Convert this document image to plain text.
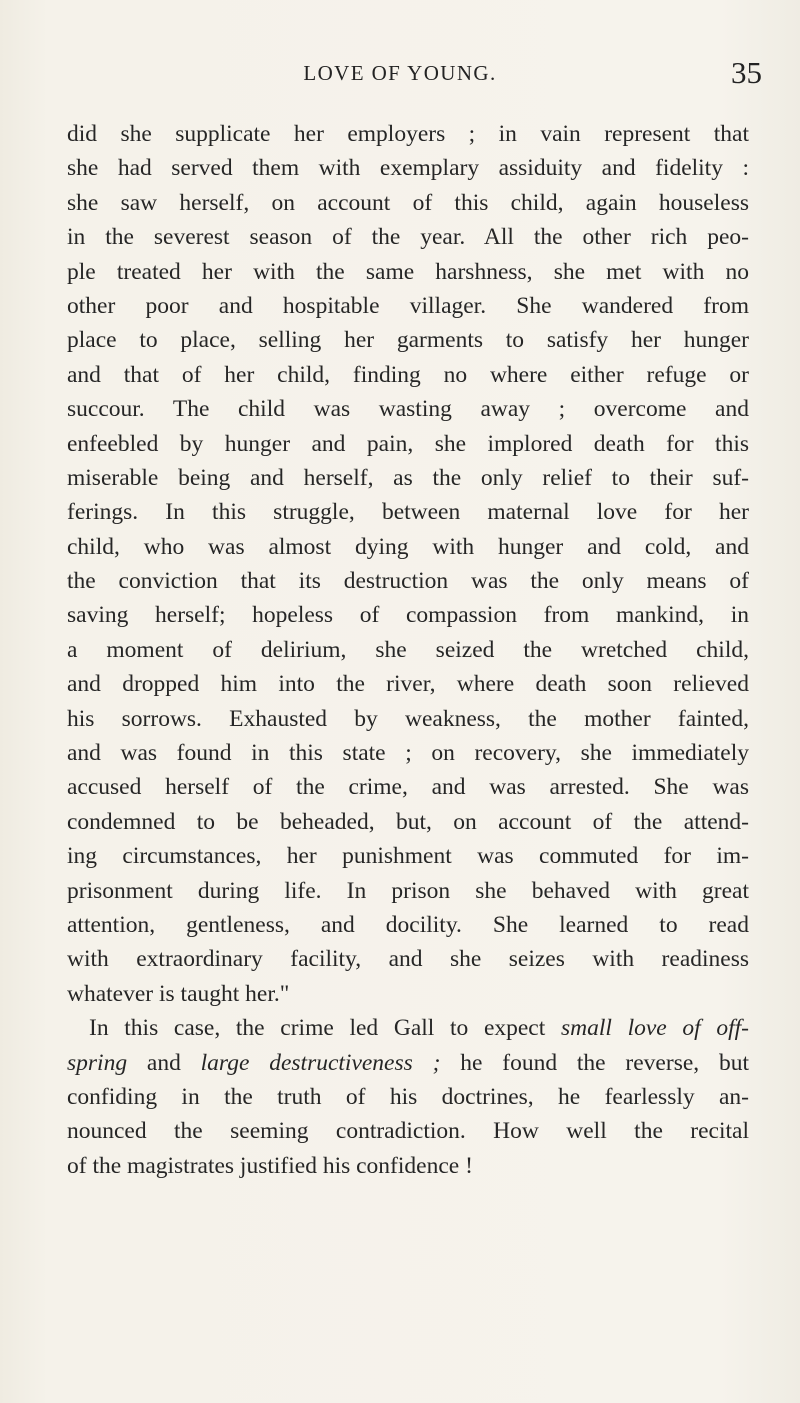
LOVE OF YOUNG.	35
did she supplicate her employers ; in vain represent that
she had served them with exemplary assiduity and fidelity :
she saw herself, on account of this child, again houseless
in the severest season of the year. All the other rich peo-
ple treated her with the same harshness, she met with no
other poor and hospitable villager. She wandered from
place to place, selling her garments to satisfy her hunger
and that of her child, finding no where either refuge or
succour. The child was wasting away ; overcome and
enfeebled by hunger and pain, she implored death for this
miserable being and herself, as the only relief to their suf-
ferings. In this struggle, between maternal love for her
child, who was almost dying with hunger and cold, and
the conviction that its destruction was the only means of
saving herself; hopeless of compassion from mankind, in
a moment of delirium, she seized the wretched child,
and dropped him into the river, where death soon relieved
his sorrows. Exhausted by weakness, the mother fainted,
and was found in this state ; on recovery, she immediately
accused herself of the crime, and was arrested. She was
condemned to be beheaded, but, on account of the attend-
ing circumstances, her punishment was commuted for im-
prisonment during life. In prison she behaved with great
attention, gentleness, and docility. She learned to read
with extraordinary facility, and she seizes with readiness
whatever is taught her."
In this case, the crime led Gall to expect small love of off-
spring and large destructiveness ; he found the reverse, but
confiding in the truth of his doctrines, he fearlessly an-
nounced the seeming contradiction. How well the recital
of the magistrates justified his confidence !
